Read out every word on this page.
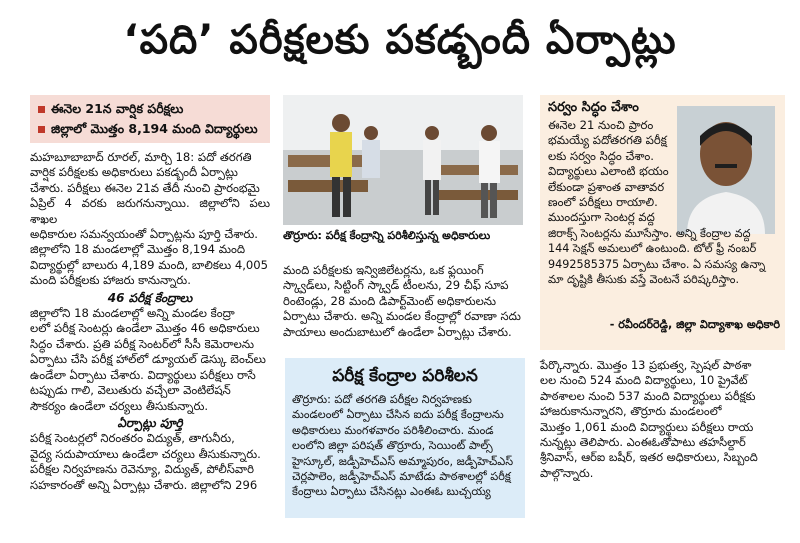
‘పది’ పరీక్షలకు పకడ్బందీ ఏర్పాట్లు
ఈనెల 21న వార్షిక పరీక్షలు
జిల్లాలో మొత్తం 8,194 మంది విద్యార్థులు
మహబూబాబాద్ రూరల్, మార్చి 18: పదో తరగతి
వార్షిక పరీక్షలకు అధికారులు పకడ్బందీ ఏర్పాట్లు
చేశారు. పరీక్షలు ఈనెల 21వ తేదీ నుంచి ప్రారంభమై
ఏప్రిల్ 4 వరకు జరుగనున్నాయి. జిల్లాలోని పలు శాఖల
అధికారుల సమన్వయంతో ఏర్పాట్లను పూర్తి చేశారు.
జిల్లాలోని 18 మండలాల్లో మొత్తం 8,194 మంది
విద్యార్థుల్లో బాలురు 4,189 మంది, బాలికలు 4,005
మంది పరీక్షలకు హాజరు కానున్నారు.
46 పరీక్ష కేంద్రాలు
జిల్లాలోని 18 మండలాల్లో అన్ని మండల కేంద్రా
లలో పరీక్ష సెంటర్లు ఉండేలా మొత్తం 46 అధికారులు
సిద్ధం చేశారు. ప్రతి పరీక్ష సెంటర్‌లో సీసీ కెమెరాలను
ఏర్పాటు చేసి పరీక్ష హాల్‌లో డ్యూయల్ డెస్కు బెంచ్‌లు
ఉండేలా ఏర్పాటు చేశారు. విద్యార్థులు పరీక్షలు రాసే
టప్పుడు గాలి, వెలుతురు వచ్చేలా వెంటిలేషన్
సౌకర్యం ఉండేలా చర్యలు తీసుకున్నారు.
ఏర్పాట్లు పూర్తి
పరీక్ష సెంటర్లలో నిరంతరం విద్యుత్, తాగునీరు,
వైద్య సదుపాయాలు ఉండేలా చర్యలు తీసుకున్నారు.
పరీక్షల నిర్వహణను రెవెన్యూ, విద్యుత్, పోలీస్‌వారి
సహకారంతో అన్ని ఏర్పాట్లు చేశారు. జిల్లాలోని 296
తొర్రూరు: పరీక్ష కేంద్రాన్ని పరిశీలిస్తున్న అధికారులు
మంది పరీక్షలకు ఇన్విజిలేటర్లను, ఒక ఫ్లయింగ్
స్క్వాడ్‌లు, సిట్టింగ్ స్క్వాడ్ టీంలను, 29 చీఫ్ సూప
రింటెండ్లు, 28 మంది డిపార్ట్‌మెంట్ అధికారులను
ఏర్పాటు చేశారు. అన్ని మండల కేంద్రాల్లో రవాణా సదు
పాయాలు అందుబాటులో ఉండేలా ఏర్పాట్లు చేశారు.
సర్వం సిద్ధం చేశాం
ఈనెల 21 నుంచి ప్రారం
భమయ్యే పదోతరగతి పరీక్ష
లకు సర్వం సిద్ధం చేశాం.
విద్యార్థులు ఎలాంటి భయం
లేకుండా ప్రశాంత వాతావర
ణంలో పరీక్షలు రాయాలి.
ముందస్తుగా సెంటర్ల వద్ద
జిరాక్స్ సెంటర్లను మూసేస్తాం. అన్ని కేంద్రాల వద్ద
144 సెక్షన్ అమలులో ఉంటుంది. టోల్ ఫ్రీ నంబర్
9492585375 ఏర్పాటు చేశాం. ఏ సమస్య ఉన్నా
మా దృష్టికి తీసుకు వస్తే వెంటనే పరిష్కరిస్తాం.
- రవీందర్‌రెడ్డి, జిల్లా విద్యాశాఖ అధికారి
పరీక్ష కేంద్రాల పరిశీలన
తొర్రూరు: పదో తరగతి పరీక్షల నిర్వహణకు
మండలంలో ఏర్పాటు చేసిన ఐదు పరీక్ష కేంద్రాలను
అధికారులు మంగళవారం పరిశీలించారు. మండ
లంలోని జిల్లా పరిషత్ తొర్రూరు, సెయింట్ పాల్స్
హైస్కూల్, జడ్పీహెచ్ఎస్ అమ్మాపురం, జడ్పీహెచ్ఎస్
చెర్లపాలెం, జడ్పీహెచ్ఎస్ మాటేడు పాఠశాలల్లో పరీక్ష
కేంద్రాలు ఏర్పాటు చేసినట్లు ఎంఈఓ బుచ్చయ్య
పేర్కొన్నారు. మొత్తం 13 ప్రభుత్వ, స్పెషల్ పాఠశా
లల నుంచి 524 మంది విద్యార్థులు, 10 ప్రైవేట్
పాఠశాలల నుంచి 537 మంది విద్యార్థులు పరీక్షకు
హాజరుకానున్నారని, తొర్రూరు మండలంలో
మొత్తం 1,061 మంది విద్యార్థులు పరీక్షలు రాయ
నున్నట్లు తెలిపారు. ఎంఈఓతోపాటు తహసీల్దార్
శ్రీనివాస్, ఆర్‌ఐ బషీర్, ఇతర అధికారులు, సిబ్బంది
పాల్గొన్నారు.
